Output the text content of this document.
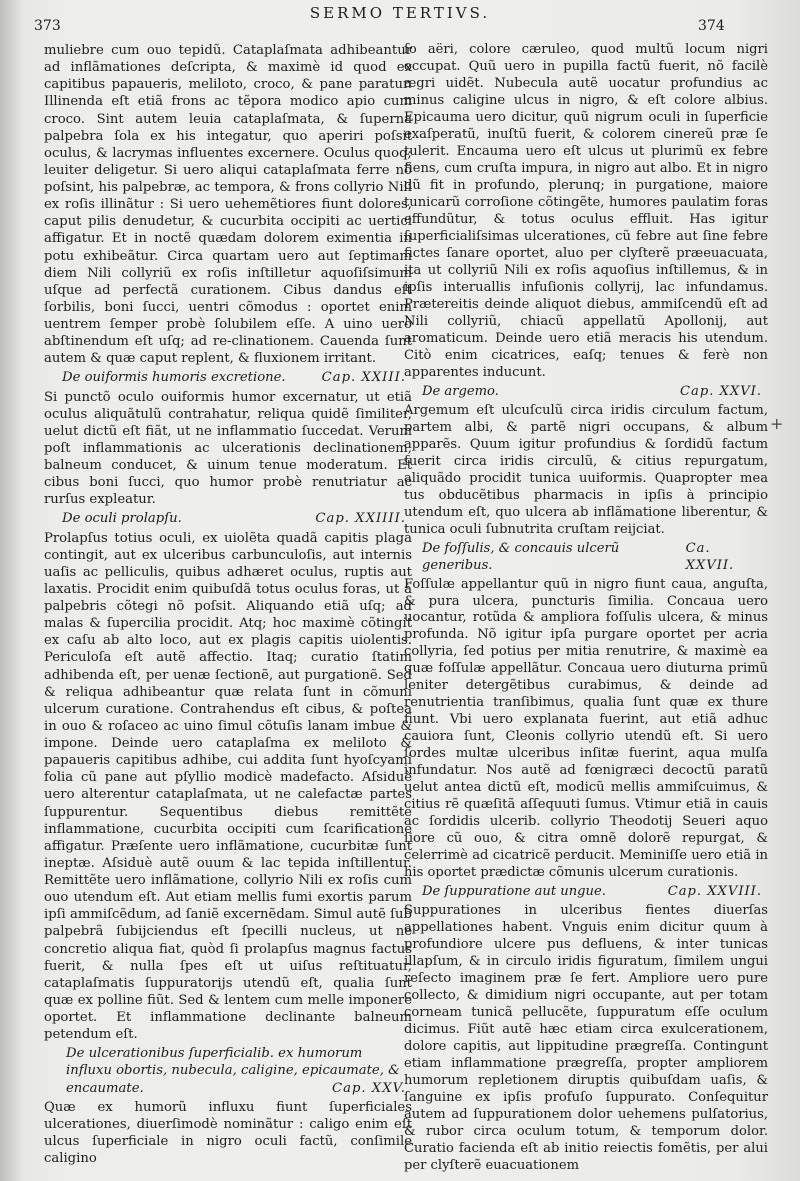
SERMO TERTIVS.
373	374

muliebre cum ouo tepidũ. Cataplaſmata adhibeantur ad inflãmationes deſcripta, & maximè id quod ex capitibus papaueris, meliloto, croco, & pane paratur. Illinenda eſt etiã frons ac tẽpora modico apio cum croco. Sint autem leuia cataplaſmata, & ſuperna palpebra ſola ex his integatur, quo aperiri poſsit oculus, & lacrymas influentes excernere. Oculus quoq; leuiter deligetur. Si uero aliqui cataplaſmata ferre nõ poſsint, his palpebræ, ac tempora, & frons collyrio Nili ex roſis illinãtur : Si uero uehemẽtiores fiunt dolores, caput pilis denudetur, & cucurbita occipiti ac uertici affigatur. Et in noctẽ quædam dolorem eximentia in potu exhibeãtur. Circa quartam uero aut ſeptimam diem Nili collyriũ ex roſis inſtilletur aquoſiſsimum uſque ad perfectã curationem. Cibus dandus eſt ſorbilis, boni ſucci, uentri cõmodus : oportet enim uentrem ſemper probè ſolubilem eſſe. A uino uero abſtinendum eſt uſq; ad re-clinationem. Cauenda ſunt autem & quæ caput replent, & fluxionem irritant.

De ouiformis humoris excretione.	Cap. XXIII.

Si punctõ oculo ouiformis humor excernatur, ut etiã oculus aliquãtulũ contrahatur, reliqua quidẽ ſimiliter, uelut dictũ eſt fiãt, ut ne inflammatio ſuccedat. Verum poſt inflammationis ac ulcerationis declinationem, balneum conducet, & uinum tenue moderatum. Et cibus boni ſucci, quo humor probè renutriatur ac rurſus expleatur.

De oculi prolapſu.	Cap. XXIIII.

Prolapſus totius oculi, ex uiolẽta quadã capitis plaga contingit, aut ex ulceribus carbunculoſis, aut internis uaſis ac pelliculis, quibus adhæret oculus, ruptis aut laxatis. Procidit enim quibuſdã totus oculus foras, ut à palpebris cõtegi nõ poſsit. Aliquando etiã uſq; ad malas & ſupercilia procidit. Atq; hoc maximè cõtingit ex caſu ab alto loco, aut ex plagis capitis uiolentis. Periculoſa eſt autẽ affectio. Itaq; curatio ſtatim adhibenda eſt, per uenæ ſectionẽ, aut purgationẽ. Sed & reliqua adhibeantur quæ relata ſunt in cõmuni ulcerum curatione. Contrahendus eſt cibus, & poſtea in ouo & roſaceo ac uino ſimul cõtuſis lanam imbue & impone. Deinde uero cataplaſma ex meliloto & papaueris capitibus adhibe, cui addita ſunt hyoſcyami folia cũ pane aut pſyllio modicè madefacto. Aſsiduè uero alterentur cataplaſmata, ut ne calefactæ partes ſuppurentur. Sequentibus diebus remittẽte inflammatione, cucurbita occipiti cum ſcarificatione affigatur. Præſente uero inflãmatione, cucurbitæ ſunt ineptæ. Aſsiduè autẽ ouum & lac tepida inſtillentur. Remittẽte uero inflãmatione, collyrio Nili ex roſis cum ouo utendum eſt. Aut etiam mellis fumi exortis parum ipſi ammiſcẽdum, ad ſaniẽ excernẽdam. Simul autẽ ſub palpebrã ſubijciendus eſt ſpecilli nucleus, ut ne concretio aliqua fiat, quòd ſi prolapſus magnus factus fuerit, & nulla ſpes eſt ut uiſus reſtituatur, cataplaſmatis ſuppuratorijs utendũ eſt, qualia ſunt quæ ex polline fiũt. Sed & lentem cum melle imponere oportet. Et inflammatione declinante balneum petendum eſt.

De ulcerationibus ſuperficialib. ex humorum influxu obortis, nubecula, caligine, epicaumate, & encaumate.	Cap. XXV.

Quæ ex humorũ influxu fiunt ſuperficiales ulcerationes, diuerſimodè nominãtur : caligo enim eſt ulcus ſuperficiale in nigro oculi factũ, conſimile caligino

ſo aëri, colore cæruleo, quod multũ locum nigri occupat. Quũ uero in pupilla factũ fuerit, nõ facilè ægri uidẽt. Nubecula autẽ uocatur profundius ac minus caligine ulcus in nigro, & eſt colore albius. Epicauma uero dicitur, quũ nigrum oculi in ſuperficie exaſperatũ, inuſtũ fuerit, & colorem cinereũ præ ſe tulerit. Encauma uero eſt ulcus ut plurimũ ex febre fiens, cum cruſta impura, in nigro aut albo. Et in nigro dũ fit in profundo, plerunq; in purgatione, maiore tunicarũ corroſione cõtingẽte, humores paulatim foras effundũtur, & totus oculus effluit. Has igitur ſuperficialiſsimas ulcerationes, cũ febre aut ſine febre fictes ſanare oportet, aluo per clyſterẽ præeuacuata, ita ut collyriũ Nili ex roſis aquoſius inſtillemus, & in ipſis interuallis infuſionis collyrij, lac infundamus. Prætereitis deinde aliquot diebus, ammiſcendũ eſt ad Nili collyriũ, chiacũ appellatũ Apollonij, aut aromaticum. Deinde uero etiã meracis his utendum. Citò enim cicatrices, eaſq; tenues & ferè non apparentes inducunt.

De argemo.	Cap. XXVI.

Argemum eſt ulcuſculũ circa iridis circulum factum, partem albi, & partẽ nigri occupans, & album apparẽs. Quum igitur profundius & ſordidũ factum fuerit circa iridis circulũ, & citius repurgatum, aliquãdo procidit tunica uuiformis. Quapropter mea tus obducẽtibus pharmacis in ipſis à principio utendum eſt, quo ulcera ab inflãmatione liberentur, & tunica oculi ſubnutrita cruſtam reijciat.

De foſſulis, & concauis ulcerũ generibus.
Ca. XXVII.

Foſſulæ appellantur quũ in nigro fiunt caua, anguſta, & pura ulcera, puncturis ſimilia. Concaua uero uocantur, rotũda & ampliora foſſulis ulcera, & minus profunda. Nõ igitur ipſa purgare oportet per acria collyria, ſed potius per mitia renutrire, & maximè ea quæ foſſulæ appellãtur. Concaua uero diuturna primũ leniter detergẽtibus curabimus, & deinde ad renutrientia tranſibimus, qualia ſunt quæ ex thure fiunt. Vbi uero explanata fuerint, aut etiã adhuc cauiora ſunt, Cleonis collyrio utendũ eſt. Si uero ſordes multæ ulceribus inſitæ fuerint, aqua mulſa infundatur. Nos autẽ ad fœnigræci decoctũ paratũ uelut antea dictũ eſt, modicũ mellis ammiſcuimus, & citius rẽ quæſitã aſſequuti ſumus. Vtimur etiã in cauis ac ſordidis ulcerib. collyrio Theodotij Seueri aquo ſiore cũ ouo, & citra omnẽ dolorẽ repurgat, & celerrimè ad cicatricẽ perducit. Meminiſſe uero etiã in his oportet prædictæ cõmunis ulcerum curationis.

De ſuppuratione aut ungue.	Cap. XXVIII.

Suppurationes in ulceribus fientes diuerſas appellationes habent. Vnguis enim dicitur quum à profundiore ulcere pus defluens, & inter tunicas illapſum, & in circulo iridis figuratum, ſimilem ungui reſecto imaginem præ ſe fert. Ampliore uero pure collecto, & dimidium nigri occupante, aut per totam corneam tunicã pellucẽte, ſuppuratum eſſe oculum dicimus. Fiũt autẽ hæc etiam circa exulcerationem, dolore capitis, aut lippitudine prægreſſa. Contingunt etiam inflammatione prægreſſa, propter ampliorem humorum repletionem diruptis quibuſdam uaſis, & ſanguine ex ipſis profuſo ſuppurato. Conſequitur autem ad ſuppurationem dolor uehemens pulſatorius, & rubor circa oculum totum, & temporum dolor. Curatio facienda eſt ab initio reiectis fomẽtis, per alui per clyſterẽ euacuationem

+
